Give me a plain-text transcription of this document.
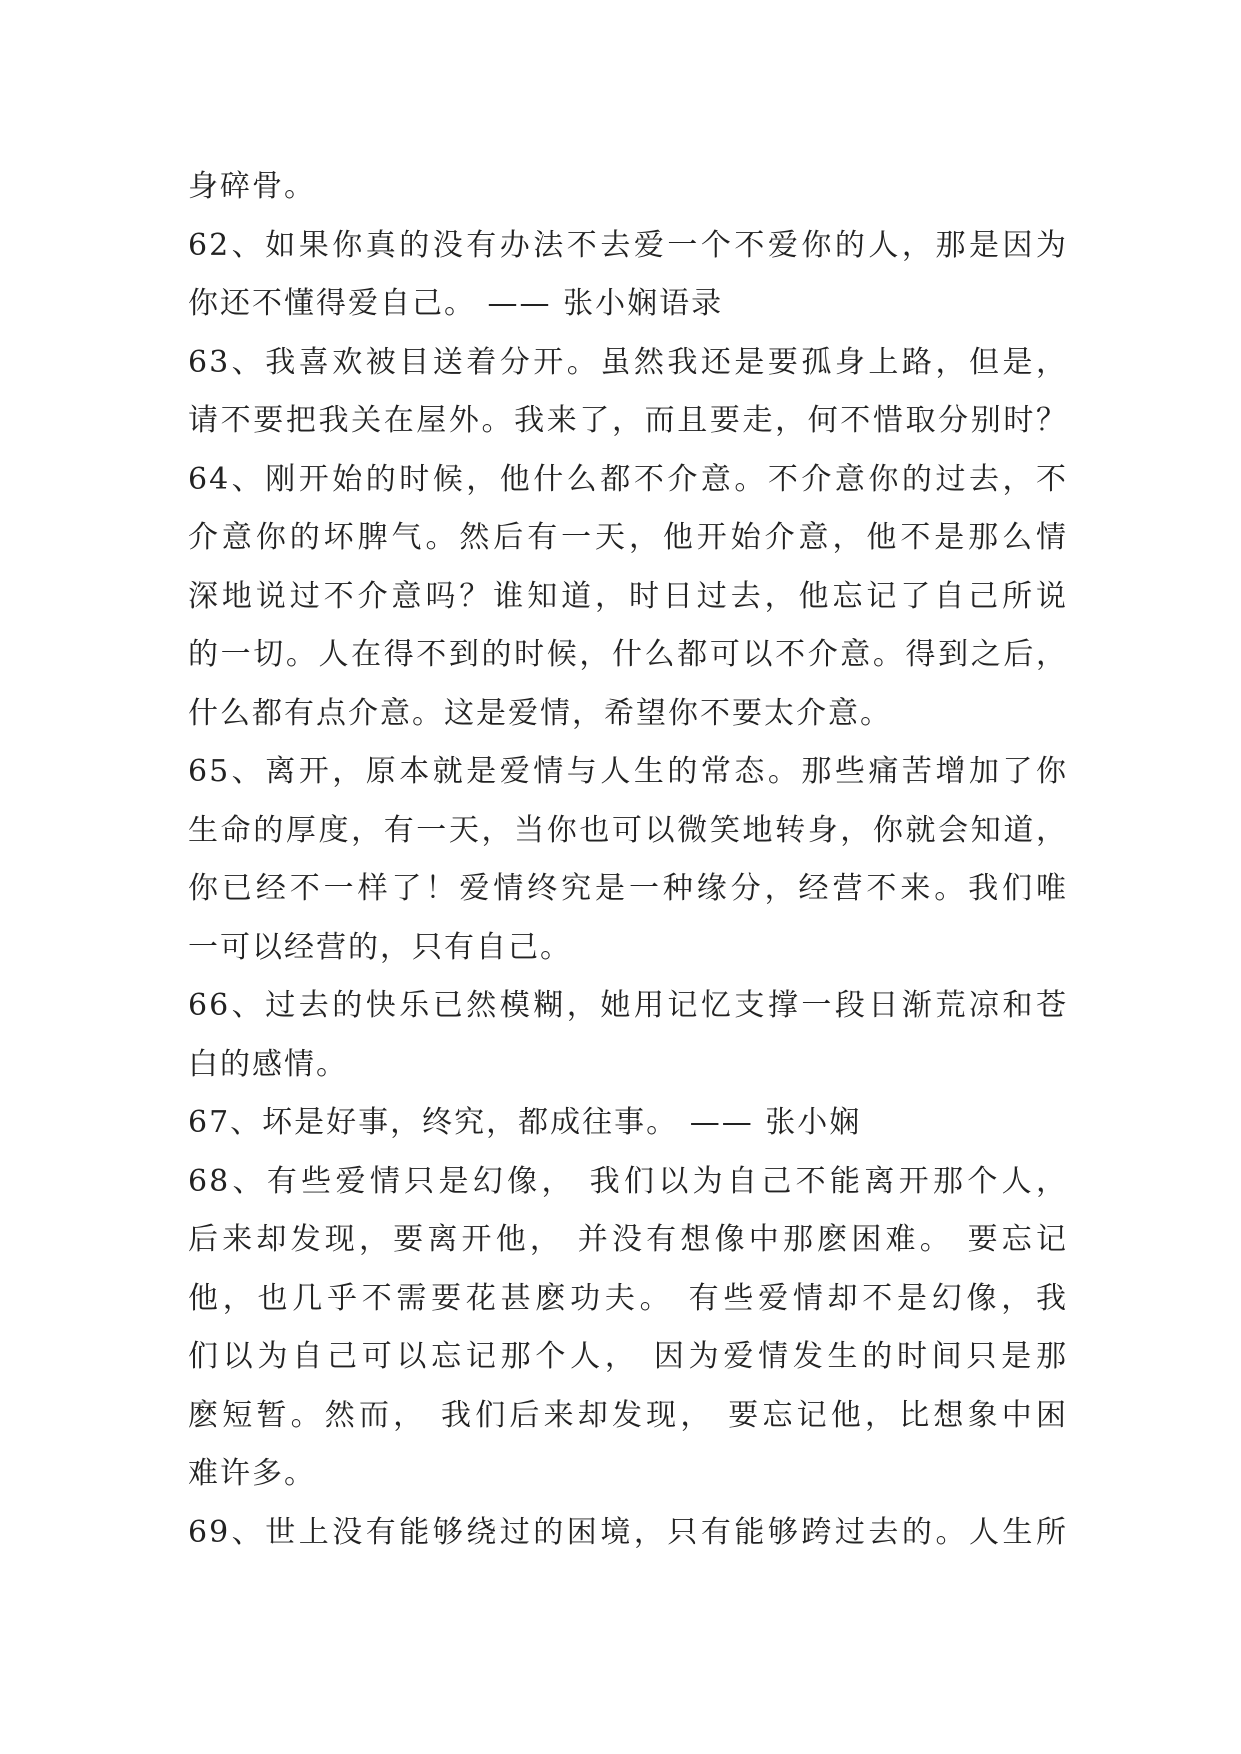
身碎骨。
62、如果你真的没有办法不去爱一个不爱你的人，那是因为
你还不懂得爱自己。 —— 张小娴语录
63、我喜欢被目送着分开。虽然我还是要孤身上路，但是，
请不要把我关在屋外。我来了，而且要走，何不惜取分别时？
64、刚开始的时候，他什么都不介意。不介意你的过去，不
介意你的坏脾气。然后有一天，他开始介意，他不是那么情
深地说过不介意吗？谁知道，时日过去，他忘记了自己所说
的一切。人在得不到的时候，什么都可以不介意。得到之后，
什么都有点介意。这是爱情，希望你不要太介意。
65、离开，原本就是爱情与人生的常态。那些痛苦增加了你
生命的厚度，有一天，当你也可以微笑地转身，你就会知道，
你已经不一样了！爱情终究是一种缘分，经营不来。我们唯
一可以经营的，只有自己。
66、过去的快乐已然模糊，她用记忆支撑一段日渐荒凉和苍
白的感情。
67、坏是好事，终究，都成往事。 —— 张小娴
68、有些爱情只是幻像， 我们以为自己不能离开那个人，
后来却发现，要离开他， 并没有想像中那麽困难。 要忘记
他，也几乎不需要花甚麽功夫。 有些爱情却不是幻像，我
们以为自己可以忘记那个人， 因为爱情发生的时间只是那
麽短暂。然而， 我们后来却发现， 要忘记他，比想象中困
难许多。
69、世上没有能够绕过的困境，只有能够跨过去的。人生所
